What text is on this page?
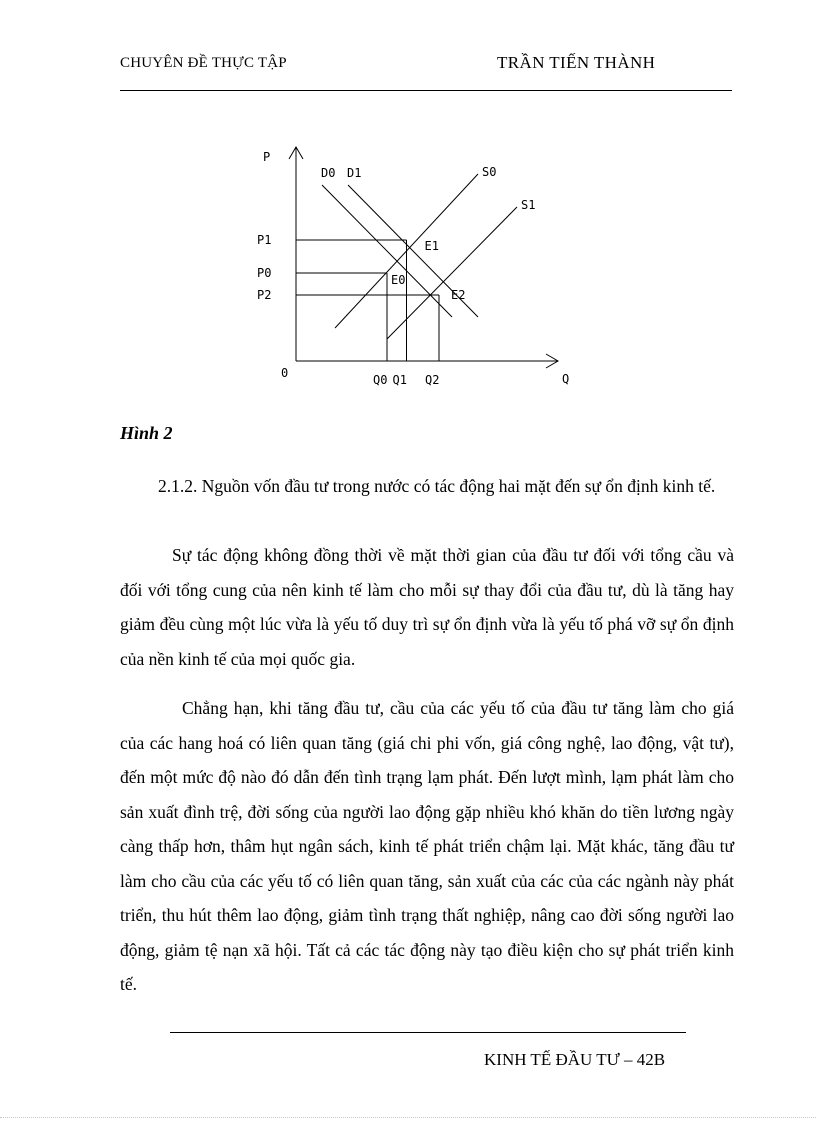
CHUYÊN ĐỀ THỰC TẬP	TRẦN TIẾN THÀNH
P
Q
0
D0 D1	S0
S1
P0
Q0
E0
P1
Q1
E1
P2
Q2
E2
Hình 2

2.1.2. Nguồn vốn đầu tư trong nước có tác động hai mặt đến sự ổn định kinh tế.

Sự tác động không đồng thời về mặt thời gian của đầu tư đối với tổng cầu và đối với tổng cung của nên kinh tế làm cho mỗi sự thay đổi của đầu tư, dù là tăng hay giảm đều cùng một lúc vừa là yếu tố duy trì sự ổn định vừa là yếu tố phá vỡ sự ổn định của nền kinh tế của mọi quốc gia.

Chẳng hạn, khi tăng đầu tư, cầu của các yếu tố của đầu tư tăng làm cho giá của các hang hoá có liên quan tăng (giá chi phi vốn, giá công nghệ, lao động, vật tư), đến một mức độ nào đó dẫn đến tình trạng lạm phát. Đến lượt mình, lạm phát làm cho sản xuất đình trệ, đời sống của người lao động gặp nhiều khó khăn do tiền lương ngày càng thấp hơn, thâm hụt ngân sách, kinh tế phát triển chậm lại. Mặt khác, tăng đầu tư làm cho cầu của các yếu tố có liên quan tăng, sản xuất của các của các ngành này phát triển, thu hút thêm lao động, giảm tình trạng thất nghiệp, nâng cao đời sống người lao động, giảm tệ nạn xã hội. Tất cả các tác động này tạo điều kiện cho sự phát triển kinh tế.

KINH TẾ ĐẦU TƯ – 42B
